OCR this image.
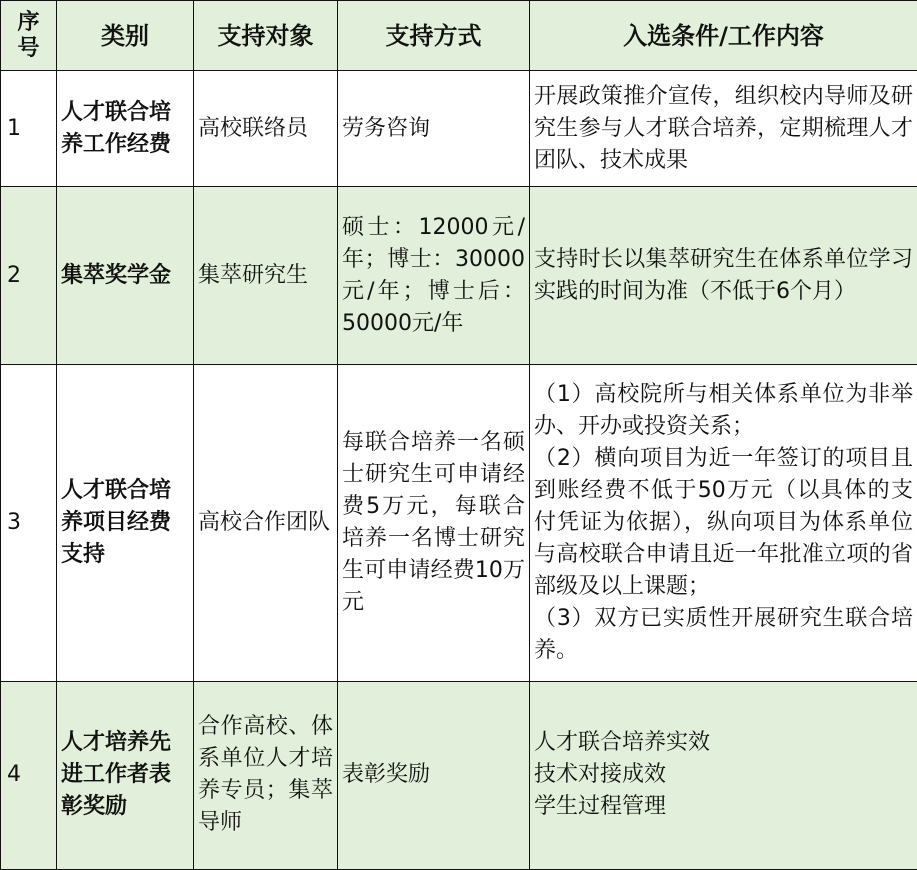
序号	类别	支持对象	支持方式	入选条件/工作内容
1	人才联合培养工作经费	高校联络员	劳务咨询	开展政策推介宣传，组织校内导师及研究生参与人才联合培养，定期梳理人才团队、技术成果

2	集萃奖学金	集萃研究生	硕士：12000元/年；博士：30000元/年；博士后：50000元/年	支持时长以集萃研究生在体系单位学习实践的时间为准（不低于6个月）

3	人才联合培养项目经费支持	高校合作团队	每联合培养一名硕士研究生可申请经费5万元，每联合培养一名博士研究生可申请经费10万元	（1）高校院所与相关体系单位为非举办、开办或投资关系；
（2）横向项目为近一年签订的项目且到账经费不低于50万元（以具体的支付凭证为依据），纵向项目为体系单位与高校联合申请且近一年批准立项的省部级及以上课题；
（3）双方已实质性开展研究生联合培养。

4	人才培养先进工作者表彰奖励	合作高校、体系单位人才培养专员；集萃导师	表彰奖励	人才联合培养实效
技术对接成效
学生过程管理
